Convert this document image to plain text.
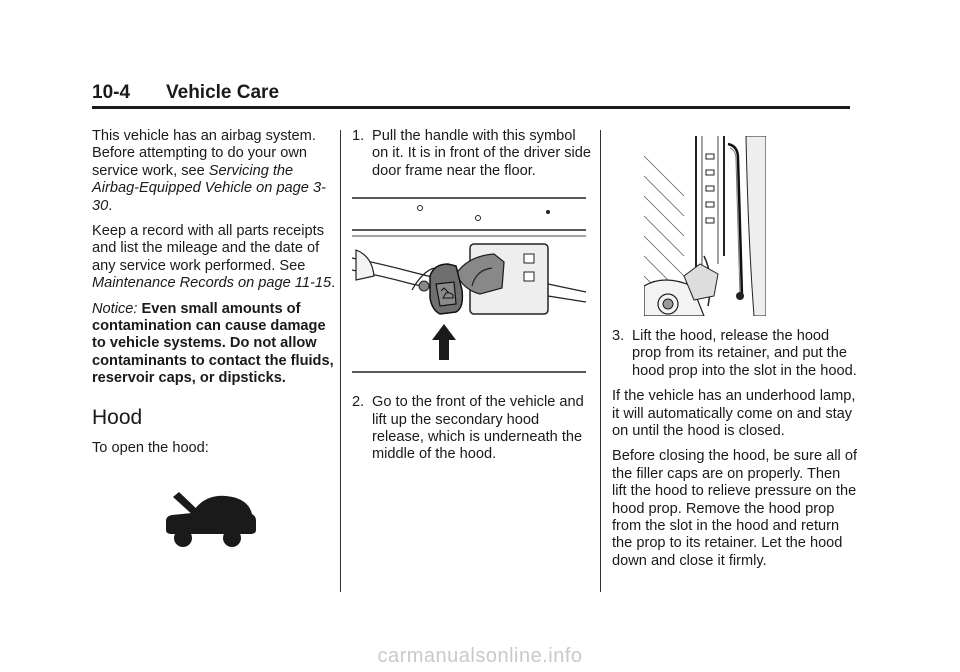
10-4 Vehicle Care

This vehicle has an airbag system. Before attempting to do your own service work, see Servicing the Airbag-Equipped Vehicle on page 3-30.

Keep a record with all parts receipts and list the mileage and the date of any service work performed. See Maintenance Records on page 11-15.

Notice: Even small amounts of contamination can cause damage to vehicle systems. Do not allow contaminants to contact the fluids, reservoir caps, or dipsticks.

Hood

To open the hood:

1. Pull the handle with this symbol on it. It is in front of the driver side door frame near the floor.
2. Go to the front of the vehicle and lift up the secondary hood release, which is underneath the middle of the hood.
3. Lift the hood, release the hood prop from its retainer, and put the hood prop into the slot in the hood.

If the vehicle has an underhood lamp, it will automatically come on and stay on until the hood is closed.

Before closing the hood, be sure all of the filler caps are on properly. Then lift the hood to relieve pressure on the hood prop. Remove the hood prop from the slot in the hood and return the prop to its retainer. Let the hood down and close it firmly.

carmanualsonline.info
